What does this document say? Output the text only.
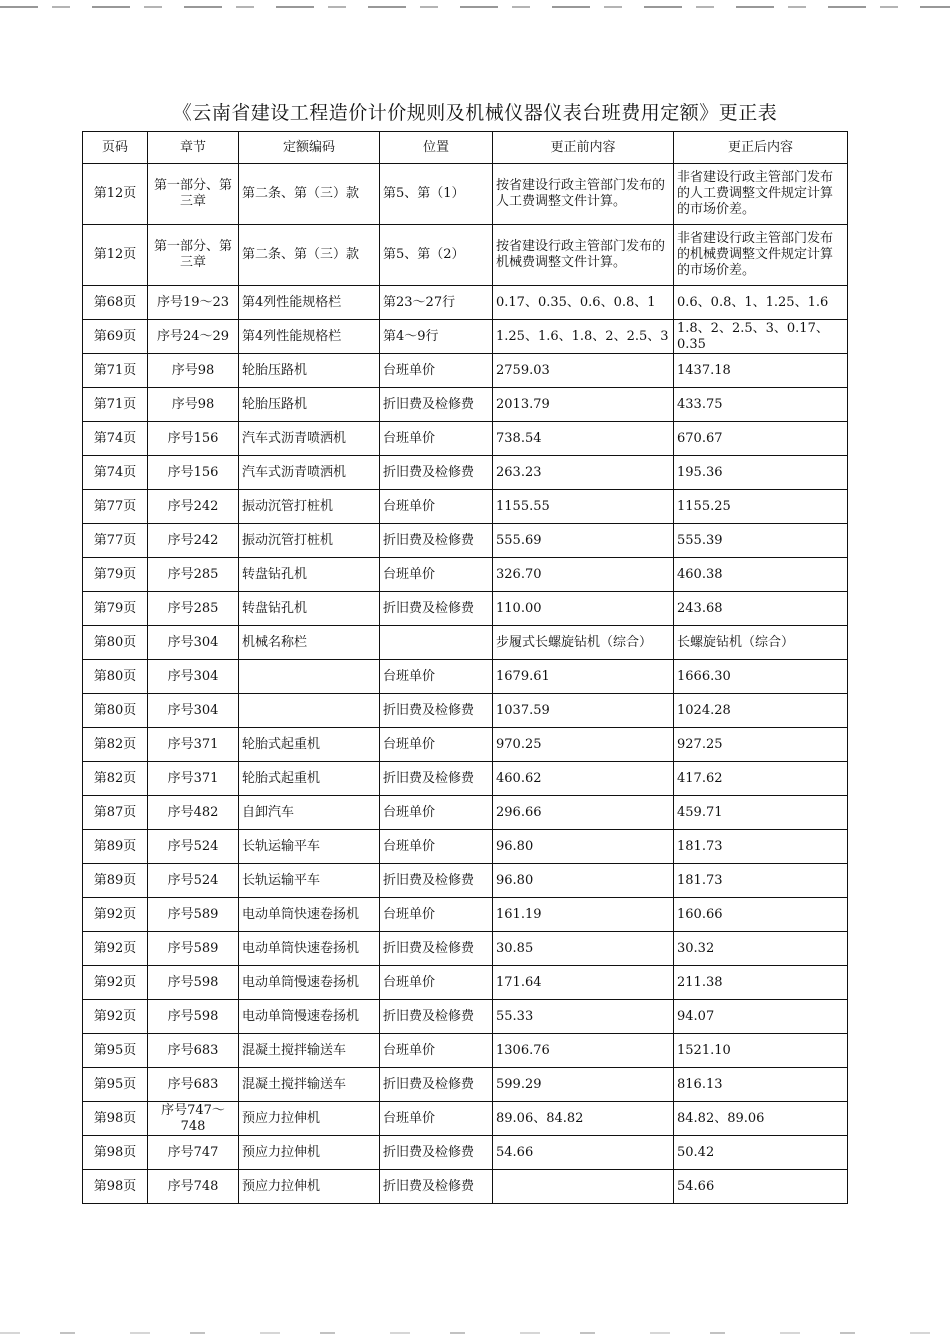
《云南省建设工程造价计价规则及机械仪器仪表台班费用定额》更正表
页码	章节	定额编码	位置	更正前内容	更正后内容
第12页	第一部分、第三章	第二条、第（三）款	第5、第（1）	按省建设行政主管部门发布的人工费调整文件计算。	非省建设行政主管部门发布的人工费调整文件规定计算的市场价差。
第12页	第一部分、第三章	第二条、第（三）款	第5、第（2）	按省建设行政主管部门发布的机械费调整文件计算。	非省建设行政主管部门发布的机械费调整文件规定计算的市场价差。
第68页	序号19～23	第4列性能规格栏	第23～27行	0.17、0.35、0.6、0.8、1	0.6、0.8、1、1.25、1.6
第69页	序号24～29	第4列性能规格栏	第4～9行	1.25、1.6、1.8、2、2.5、3	1.8、2、2.5、3、0.17、0.35
第71页	序号98	轮胎压路机	台班单价	2759.03	1437.18
第71页	序号98	轮胎压路机	折旧费及检修费	2013.79	433.75
第74页	序号156	汽车式沥青喷洒机	台班单价	738.54	670.67
第74页	序号156	汽车式沥青喷洒机	折旧费及检修费	263.23	195.36
第77页	序号242	振动沉管打桩机	台班单价	1155.55	1155.25
第77页	序号242	振动沉管打桩机	折旧费及检修费	555.69	555.39
第79页	序号285	转盘钻孔机	台班单价	326.70	460.38
第79页	序号285	转盘钻孔机	折旧费及检修费	110.00	243.68
第80页	序号304	机械名称栏		步履式长螺旋钻机（综合）	长螺旋钻机（综合）
第80页	序号304		台班单价	1679.61	1666.30
第80页	序号304		折旧费及检修费	1037.59	1024.28
第82页	序号371	轮胎式起重机	台班单价	970.25	927.25
第82页	序号371	轮胎式起重机	折旧费及检修费	460.62	417.62
第87页	序号482	自卸汽车	台班单价	296.66	459.71
第89页	序号524	长轨运输平车	台班单价	96.80	181.73
第89页	序号524	长轨运输平车	折旧费及检修费	96.80	181.73
第92页	序号589	电动单筒快速卷扬机	台班单价	161.19	160.66
第92页	序号589	电动单筒快速卷扬机	折旧费及检修费	30.85	30.32
第92页	序号598	电动单筒慢速卷扬机	台班单价	171.64	211.38
第92页	序号598	电动单筒慢速卷扬机	折旧费及检修费	55.33	94.07
第95页	序号683	混凝土搅拌输送车	台班单价	1306.76	1521.10
第95页	序号683	混凝土搅拌输送车	折旧费及检修费	599.29	816.13
第98页	序号747～748	预应力拉伸机	台班单价	89.06、84.82	84.82、89.06
第98页	序号747	预应力拉伸机	折旧费及检修费	54.66	50.42
第98页	序号748	预应力拉伸机	折旧费及检修费		54.66
